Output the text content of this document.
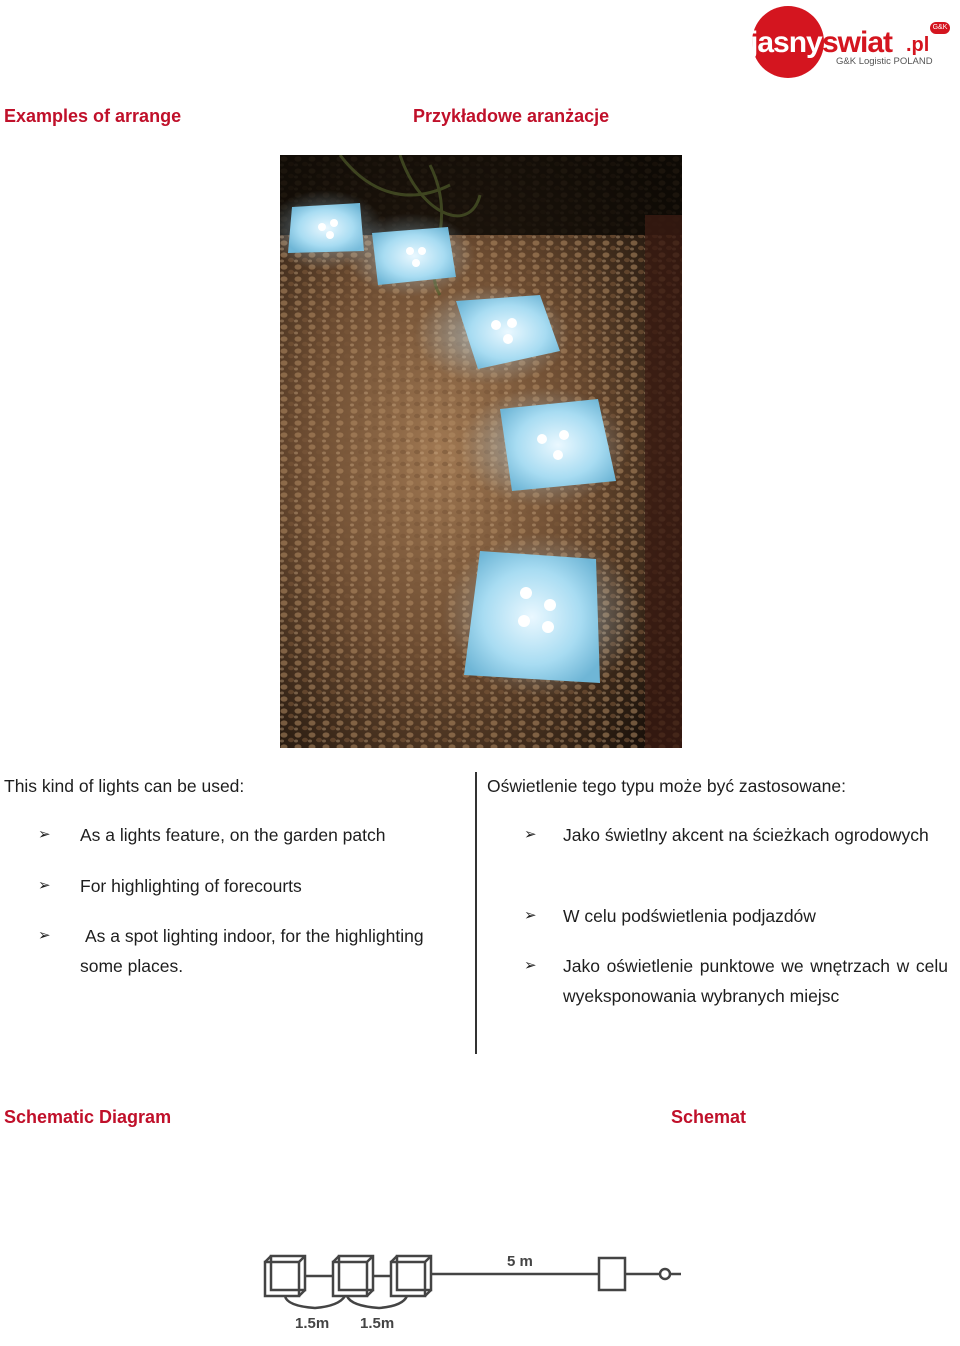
jasny swiat .pl
G&K
G&K Logistic POLAND
Examples of arrange	Przykładowe aranżacje
This kind of lights can be used:
➢ As a lights feature, on the garden patch
➢ For highlighting of forecourts
➢ As a spot lighting indoor, for the highlighting some places.
Oświetlenie tego typu może być zastosowane:
➢ Jako świetlny akcent na ścieżkach ogrodowych
➢ W celu podświetlenia podjazdów
➢ Jako oświetlenie punktowe we wnętrzach w celu wyeksponowania wybranych miejsc
Schematic Diagram	Schemat
5 m
1.5m 1.5m
